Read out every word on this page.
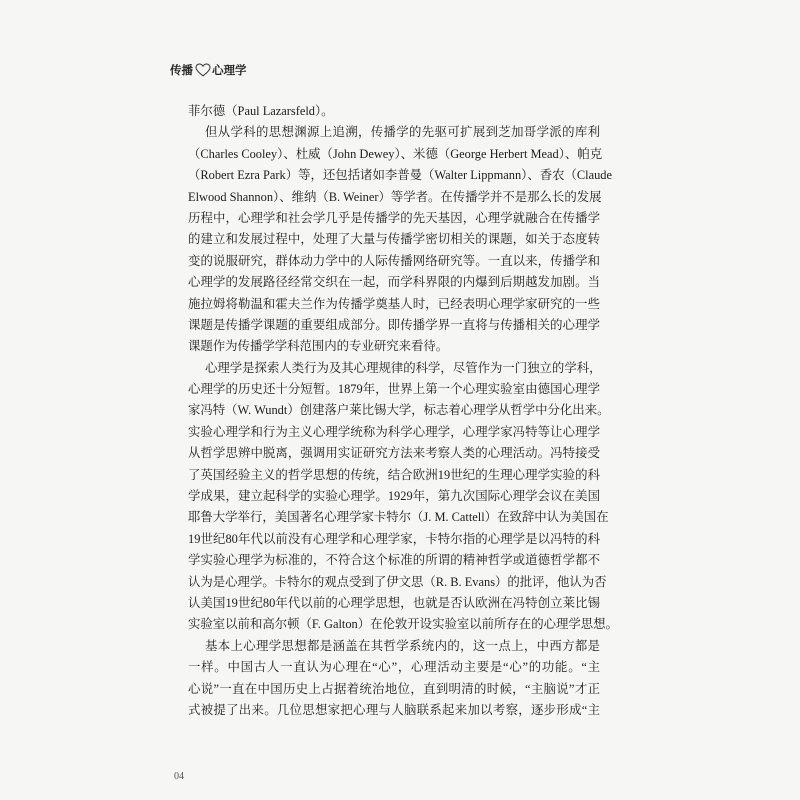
传播 心理学
菲尔德（Paul Lazarsfeld）。
但从学科的思想渊源上追溯，传播学的先驱可扩展到芝加哥学派的库利
（Charles Cooley）、杜威（John Dewey）、米德（George Herbert Mead）、帕克
（Robert Ezra Park）等，还包括诸如李普曼（Walter Lippmann）、香农（Claude
Elwood Shannon）、维纳（B. Weiner）等学者。在传播学并不是那么长的发展
历程中，心理学和社会学几乎是传播学的先天基因，心理学就融合在传播学
的建立和发展过程中，处理了大量与传播学密切相关的课题，如关于态度转
变的说服研究，群体动力学中的人际传播网络研究等。一直以来，传播学和
心理学的发展路径经常交织在一起，而学科界限的内爆到后期越发加剧。当
施拉姆将勒温和霍夫兰作为传播学奠基人时，已经表明心理学家研究的一些
课题是传播学课题的重要组成部分。即传播学界一直将与传播相关的心理学
课题作为传播学学科范围内的专业研究来看待。
心理学是探索人类行为及其心理规律的科学，尽管作为一门独立的学科，
心理学的历史还十分短暂。1879年，世界上第一个心理实验室由德国心理学
家冯特（W. Wundt）创建落户莱比锡大学，标志着心理学从哲学中分化出来。
实验心理学和行为主义心理学统称为科学心理学，心理学家冯特等让心理学
从哲学思辨中脱离，强调用实证研究方法来考察人类的心理活动。冯特接受
了英国经验主义的哲学思想的传统，结合欧洲19世纪的生理心理学实验的科
学成果，建立起科学的实验心理学。1929年，第九次国际心理学会议在美国
耶鲁大学举行，美国著名心理学家卡特尔（J. M. Cattell）在致辞中认为美国在
19世纪80年代以前没有心理学和心理学家，卡特尔指的心理学是以冯特的科
学实验心理学为标准的，不符合这个标准的所谓的精神哲学或道德哲学都不
认为是心理学。卡特尔的观点受到了伊文思（R. B. Evans）的批评，他认为否
认美国19世纪80年代以前的心理学思想，也就是否认欧洲在冯特创立莱比锡
实验室以前和高尔顿（F. Galton）在伦敦开设实验室以前所存在的心理学思想。
基本上心理学思想都是涵盖在其哲学系统内的，这一点上，中西方都是
一样。中国古人一直认为心理在“心”，心理活动主要是“心”的功能。“主
心说”一直在中国历史上占据着统治地位，直到明清的时候，“主脑说”才正
式被提了出来。几位思想家把心理与人脑联系起来加以考察，逐步形成“主
04
